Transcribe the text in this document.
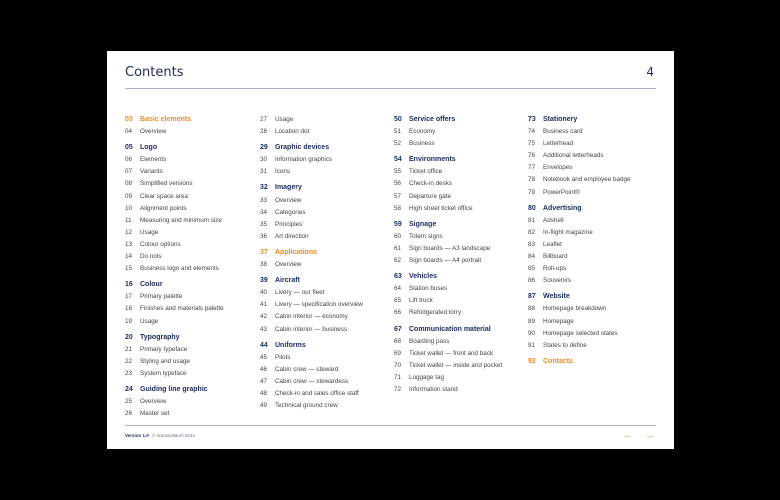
Contents	4
03	Basic elements
04	Overview
05	Logo
06	Elements
07	Variants
08	Simplified versions
09	Clear space area
10	Alignment points
11	Measuring and minimum size
12	Usage
13	Colour options
14	Do nots
15	Business logo and elements
16	Colour
17	Primary palette
18	Finishes and materials palette
19	Usage
20	Typography
21	Primary typeface
22	Styling and usage
23	System typeface
24	Guiding line graphic
25	Overview
26	Master set
27	Usage
28	Location dot
29	Graphic devices
30	Information graphics
31	Icons
32	Imagery
33	Overview
34	Categories
35	Principles
36	Art direction
37	Applications
38	Overview
39	Aircraft
40	Livery — our fleet
41	Livery — specification overview
42	Cabin interior — economy
43	Cabin interior — business
44	Uniforms
45	Pilots
46	Cabin crew — steward
47	Cabin crew — stewardess
48	Check-in and sales office staff
49	Technical ground crew
50	Service offers
51	Economy
52	Business
54	Environments
55	Ticket office
56	Check-in desks
57	Departure gate
58	High street ticket office
59	Signage
60	Totem signs
61	Sign boards — A3 landscape
62	Sign boards — A4 portrait
63	Vehicles
64	Station buses
65	Lift truck
66	Refridgerated lorry
67	Communication material
68	Boarding pass
69	Ticket wallet — front and back
70	Ticket wallet — inside and pocket
71	Luggage tag
72	Information stand
73	Stationery
74	Business card
75	Letterhead
76	Additional letterheads
77	Envelopes
78	Notebook and employee badge
79	PowerPoint®
80	Advertising
81	Adshell
82	In-flight magazine
83	Leaflet
84	Billboard
85	Roll-ups
86	Souvenirs
87	Website
88	Homepage breakdown
89	Homepage
90	Homepage selected states
91	States to define
92	Contacts
Version 1.0 © Aurora March 2014	← →
